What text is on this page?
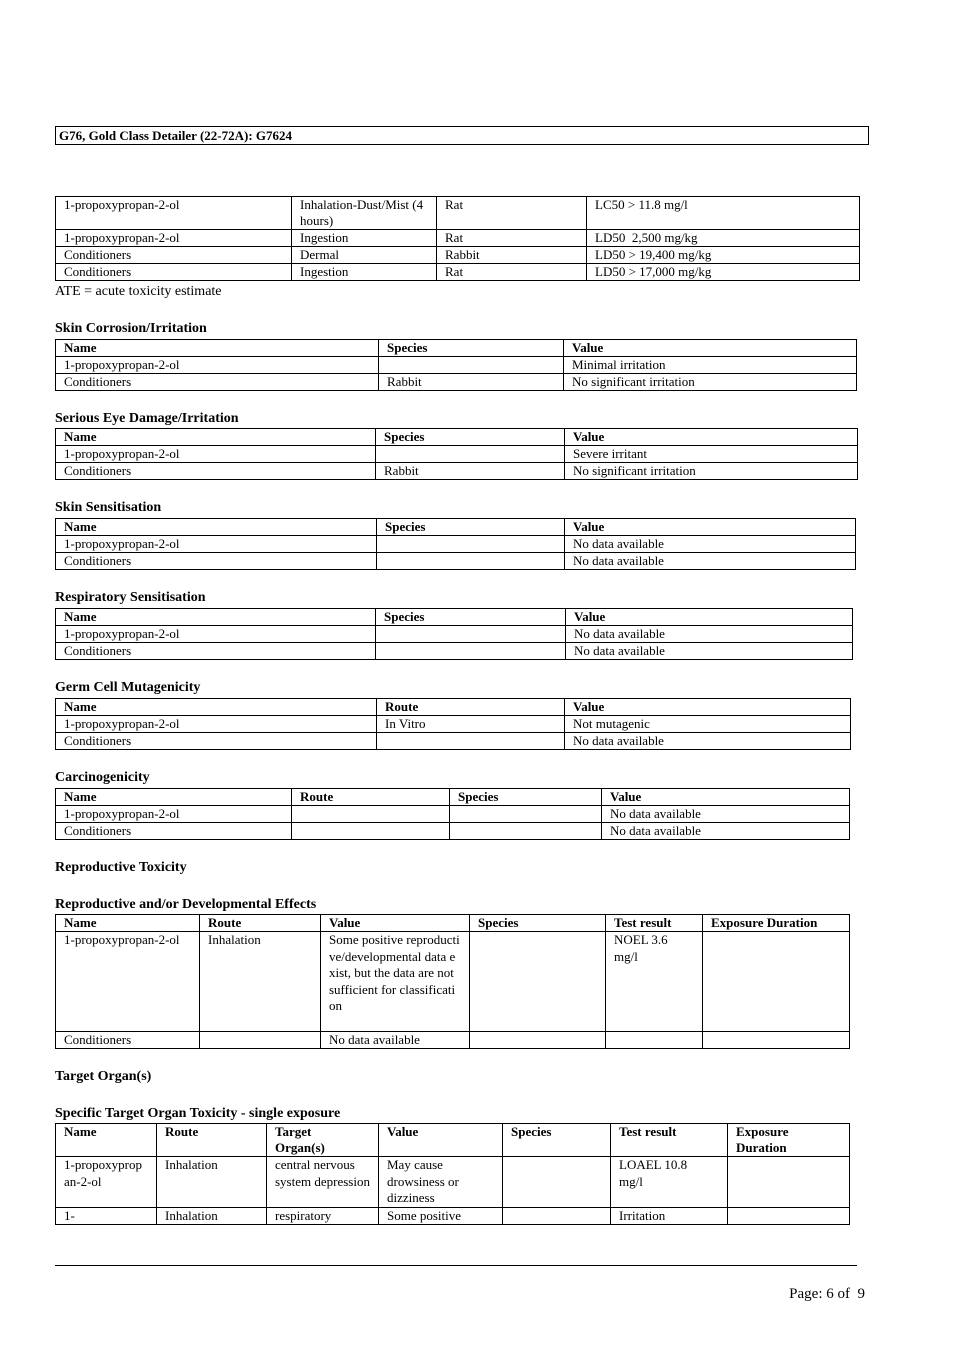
G76, Gold Class Detailer (22-72A): G7624
1-propoxypropan-2-ol	Inhalation-Dust/Mist (4 hours)	Rat	LC50 > 11.8 mg/l
1-propoxypropan-2-ol	Ingestion	Rat	LD50  2,500 mg/kg
Conditioners	Dermal	Rabbit	LD50 > 19,400 mg/kg
Conditioners	Ingestion	Rat	LD50 > 17,000 mg/kg
ATE = acute toxicity estimate
Skin Corrosion/Irritation
Name	Species	Value
1-propoxypropan-2-ol		Minimal irritation
Conditioners	Rabbit	No significant irritation
Serious Eye Damage/Irritation
Name	Species	Value
1-propoxypropan-2-ol		Severe irritant
Conditioners	Rabbit	No significant irritation
Skin Sensitisation
Name	Species	Value
1-propoxypropan-2-ol		No data available
Conditioners		No data available
Respiratory Sensitisation
Name	Species	Value
1-propoxypropan-2-ol		No data available
Conditioners		No data available
Germ Cell Mutagenicity
Name	Route	Value
1-propoxypropan-2-ol	In Vitro	Not mutagenic
Conditioners		No data available
Carcinogenicity
Name	Route	Species	Value
1-propoxypropan-2-ol			No data available
Conditioners			No data available
Reproductive Toxicity
Reproductive and/or Developmental Effects
Name	Route	Value	Species	Test result	Exposure Duration
1-propoxypropan-2-ol	Inhalation	Some positive reproductive/developmental data exist, but the data are not sufficient for classification		NOEL 3.6 mg/l	
Conditioners		No data available			
Target Organ(s)
Specific Target Organ Toxicity - single exposure
Name	Route	Target Organ(s)	Value	Species	Test result	Exposure Duration
1-propoxypropan-2-ol	Inhalation	central nervous system depression	May cause drowsiness or dizziness		LOAEL 10.8 mg/l	
1-	Inhalation	respiratory	Some positive		Irritation	
Page: 6 of  9
